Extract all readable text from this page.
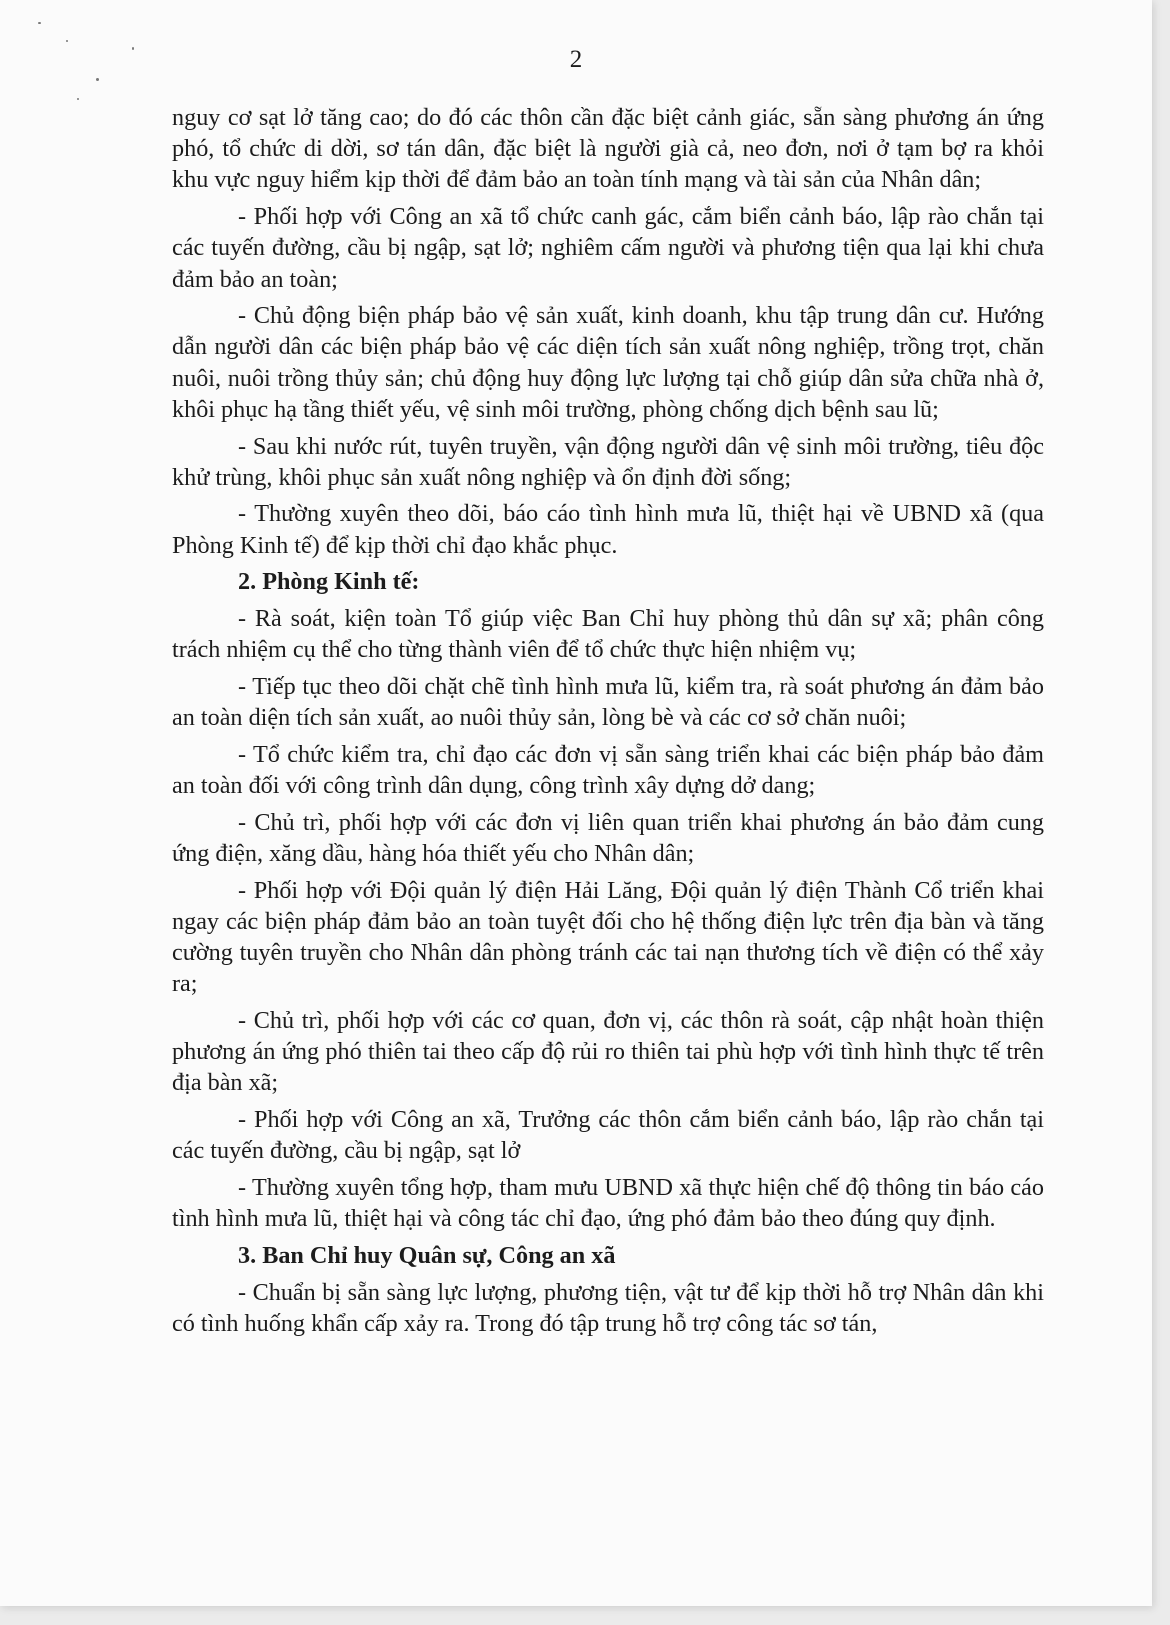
2

nguy cơ sạt lở tăng cao; do đó các thôn cần đặc biệt cảnh giác, sẵn sàng phương án ứng phó, tổ chức di dời, sơ tán dân, đặc biệt là người già cả, neo đơn, nơi ở tạm bợ ra khỏi khu vực nguy hiểm kịp thời để đảm bảo an toàn tính mạng và tài sản của Nhân dân;

- Phối hợp với Công an xã tổ chức canh gác, cắm biển cảnh báo, lập rào chắn tại các tuyến đường, cầu bị ngập, sạt lở; nghiêm cấm người và phương tiện qua lại khi chưa đảm bảo an toàn;

- Chủ động biện pháp bảo vệ sản xuất, kinh doanh, khu tập trung dân cư. Hướng dẫn người dân các biện pháp bảo vệ các diện tích sản xuất nông nghiệp, trồng trọt, chăn nuôi, nuôi trồng thủy sản; chủ động huy động lực lượng tại chỗ giúp dân sửa chữa nhà ở, khôi phục hạ tầng thiết yếu, vệ sinh môi trường, phòng chống dịch bệnh sau lũ;

- Sau khi nước rút, tuyên truyền, vận động người dân vệ sinh môi trường, tiêu độc khử trùng, khôi phục sản xuất nông nghiệp và ổn định đời sống;

- Thường xuyên theo dõi, báo cáo tình hình mưa lũ, thiệt hại về UBND xã (qua Phòng Kinh tế) để kịp thời chỉ đạo khắc phục.

2. Phòng Kinh tế:

- Rà soát, kiện toàn Tổ giúp việc Ban Chỉ huy phòng thủ dân sự xã; phân công trách nhiệm cụ thể cho từng thành viên để tổ chức thực hiện nhiệm vụ;

- Tiếp tục theo dõi chặt chẽ tình hình mưa lũ, kiểm tra, rà soát phương án đảm bảo an toàn diện tích sản xuất, ao nuôi thủy sản, lòng bè và các cơ sở chăn nuôi;

- Tổ chức kiểm tra, chỉ đạo các đơn vị sẵn sàng triển khai các biện pháp bảo đảm an toàn đối với công trình dân dụng, công trình xây dựng dở dang;

- Chủ trì, phối hợp với các đơn vị liên quan triển khai phương án bảo đảm cung ứng điện, xăng dầu, hàng hóa thiết yếu cho Nhân dân;

- Phối hợp với Đội quản lý điện Hải Lăng, Đội quản lý điện Thành Cổ triển khai ngay các biện pháp đảm bảo an toàn tuyệt đối cho hệ thống điện lực trên địa bàn và tăng cường tuyên truyền cho Nhân dân phòng tránh các tai nạn thương tích về điện có thể xảy ra;

- Chủ trì, phối hợp với các cơ quan, đơn vị, các thôn rà soát, cập nhật hoàn thiện phương án ứng phó thiên tai theo cấp độ rủi ro thiên tai phù hợp với tình hình thực tế trên địa bàn xã;

- Phối hợp với Công an xã, Trưởng các thôn cắm biển cảnh báo, lập rào chắn tại các tuyến đường, cầu bị ngập, sạt lở

- Thường xuyên tổng hợp, tham mưu UBND xã thực hiện chế độ thông tin báo cáo tình hình mưa lũ, thiệt hại và công tác chỉ đạo, ứng phó đảm bảo theo đúng quy định.

3. Ban Chỉ huy Quân sự, Công an xã

- Chuẩn bị sẵn sàng lực lượng, phương tiện, vật tư để kịp thời hỗ trợ Nhân dân khi có tình huống khẩn cấp xảy ra. Trong đó tập trung hỗ trợ công tác sơ tán,
